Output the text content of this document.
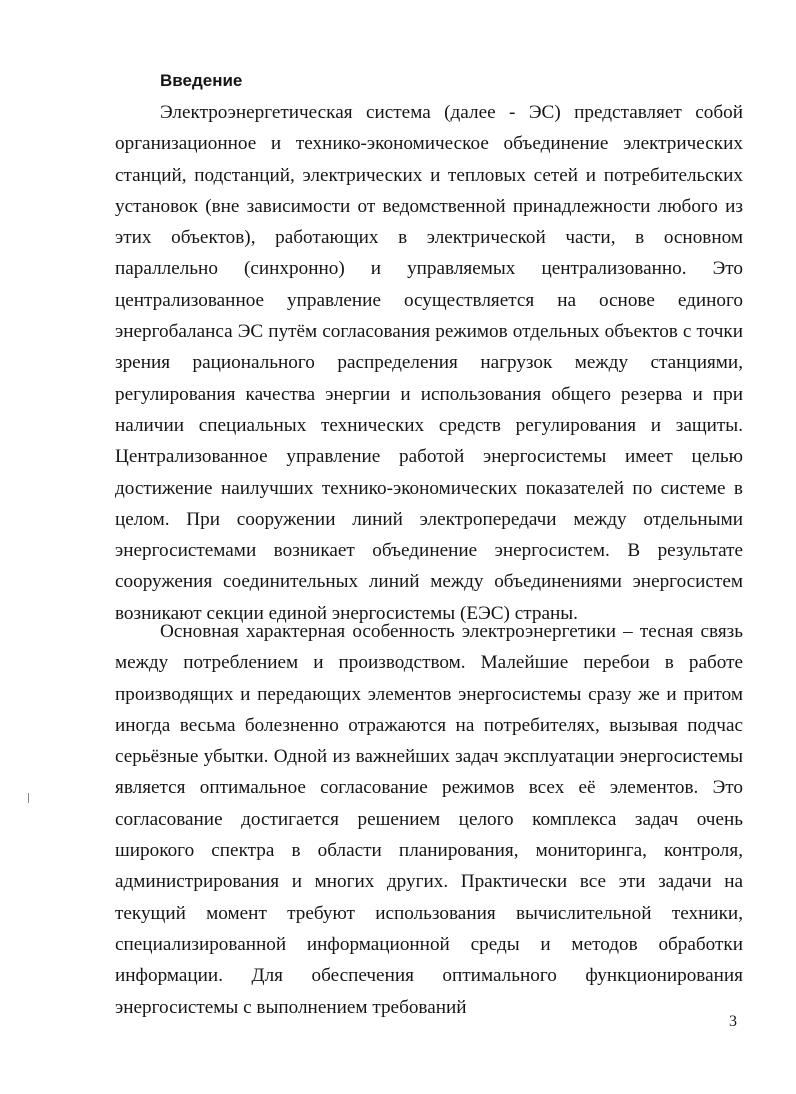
Введение

Электроэнергетическая система (далее - ЭС) представляет собой организационное и технико-экономическое объединение электрических станций, подстанций, электрических и тепловых сетей и потребительских установок (вне зависимости от ведомственной принадлежности любого из этих объектов), работающих в электрической части, в основном параллельно (синхронно) и управляемых централизованно. Это централизованное управление осуществляется на основе единого энергобаланса ЭС путём согласования режимов отдельных объектов с точки зрения рационального распределения нагрузок между станциями, регулирования качества энергии и использования общего резерва и при наличии специальных технических средств регулирования и защиты. Централизованное управление работой энергосистемы имеет целью достижение наилучших технико-экономических показателей по системе в целом. При сооружении линий электропередачи между отдельными энергосистемами возникает объединение энергосистем. В результате сооружения соединительных линий между объединениями энергосистем возникают секции единой энергосистемы (ЕЭС) страны.

Основная характерная особенность электроэнергетики – тесная связь между потреблением и производством. Малейшие перебои в работе производящих и передающих элементов энергосистемы сразу же и притом иногда весьма болезненно отражаются на потребителях, вызывая подчас серьёзные убытки. Одной из важнейших задач эксплуатации энергосистемы является оптимальное согласование режимов всех её элементов. Это согласование достигается решением целого комплекса задач очень широкого спектра в области планирования, мониторинга, контроля, администрирования и многих других. Практически все эти задачи на текущий момент требуют использования вычислительной техники, специализированной информационной среды и методов обработки информации. Для обеспечения оптимального функционирования энергосистемы с выполнением требований

3
